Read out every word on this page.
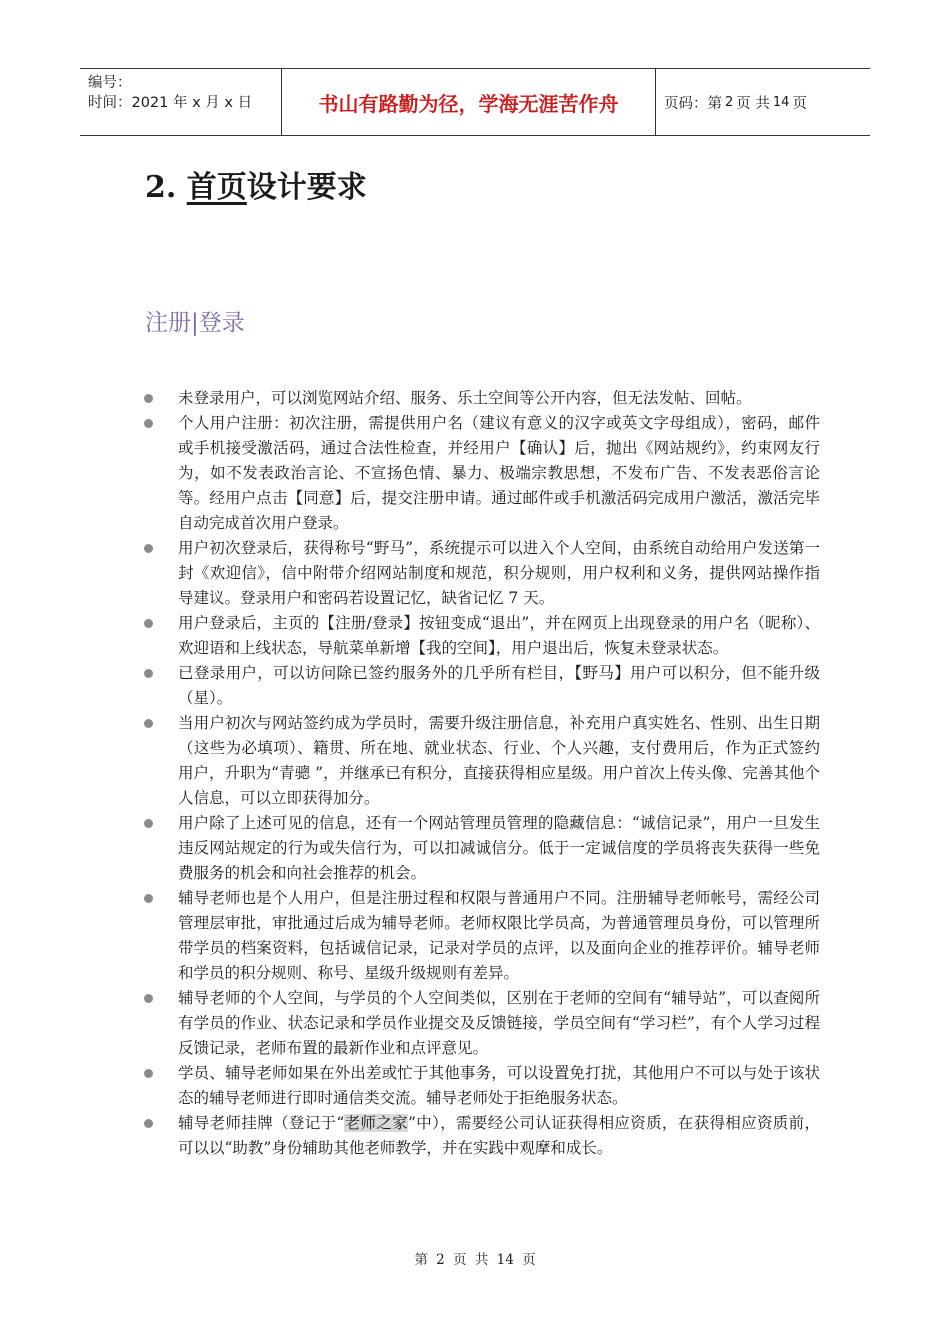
编号：
时间：2021 年 x 月 x 日	书山有路勤为径，学海无涯苦作舟	页码：第 2 页 共 14 页
2. 首页设计要求
注册|登录
未登录用户，可以浏览网站介绍、服务、乐土空间等公开内容，但无法发帖、回帖。
个人用户注册：初次注册，需提供用户名（建议有意义的汉字或英文字母组成），密码，邮件或手机接受激活码，通过合法性检查，并经用户【确认】后，抛出《网站规约》，约束网友行为，如不发表政治言论、不宣扬色情、暴力、极端宗教思想，不发布广告、不发表恶俗言论等。经用户点击【同意】后，提交注册申请。通过邮件或手机激活码完成用户激活，激活完毕自动完成首次用户登录。
用户初次登录后，获得称号“野马”，系统提示可以进入个人空间，由系统自动给用户发送第一封《欢迎信》，信中附带介绍网站制度和规范，积分规则，用户权利和义务，提供网站操作指导建议。登录用户和密码若设置记忆，缺省记忆 7 天。
用户登录后，主页的【注册/登录】按钮变成“退出”，并在网页上出现登录的用户名（昵称）、欢迎语和上线状态，导航菜单新增【我的空间】，用户退出后，恢复未登录状态。
已登录用户，可以访问除已签约服务外的几乎所有栏目，【野马】用户可以积分，但不能升级（星）。
当用户初次与网站签约成为学员时，需要升级注册信息，补充用户真实姓名、性别、出生日期（这些为必填项）、籍贯、所在地、就业状态、行业、个人兴趣，支付费用后，作为正式签约用户，升职为“青骢 ”，并继承已有积分，直接获得相应星级。用户首次上传头像、完善其他个人信息，可以立即获得加分。
用户除了上述可见的信息，还有一个网站管理员管理的隐藏信息：“诚信记录”，用户一旦发生违反网站规定的行为或失信行为，可以扣减诚信分。低于一定诚信度的学员将丧失获得一些免费服务的机会和向社会推荐的机会。
辅导老师也是个人用户，但是注册过程和权限与普通用户不同。注册辅导老师帐号，需经公司管理层审批，审批通过后成为辅导老师。老师权限比学员高，为普通管理员身份，可以管理所带学员的档案资料，包括诚信记录，记录对学员的点评，以及面向企业的推荐评价。辅导老师和学员的积分规则、称号、星级升级规则有差异。
辅导老师的个人空间，与学员的个人空间类似，区别在于老师的空间有“辅导站”，可以查阅所有学员的作业、状态记录和学员作业提交及反馈链接，学员空间有“学习栏”，有个人学习过程反馈记录，老师布置的最新作业和点评意见。
学员、辅导老师如果在外出差或忙于其他事务，可以设置免打扰，其他用户不可以与处于该状态的辅导老师进行即时通信类交流。辅导老师处于拒绝服务状态。
辅导老师挂牌（登记于“老师之家”中），需要经公司认证获得相应资质，在获得相应资质前，可以以“助教”身份辅助其他老师教学，并在实践中观摩和成长。
第 2 页 共 14 页
